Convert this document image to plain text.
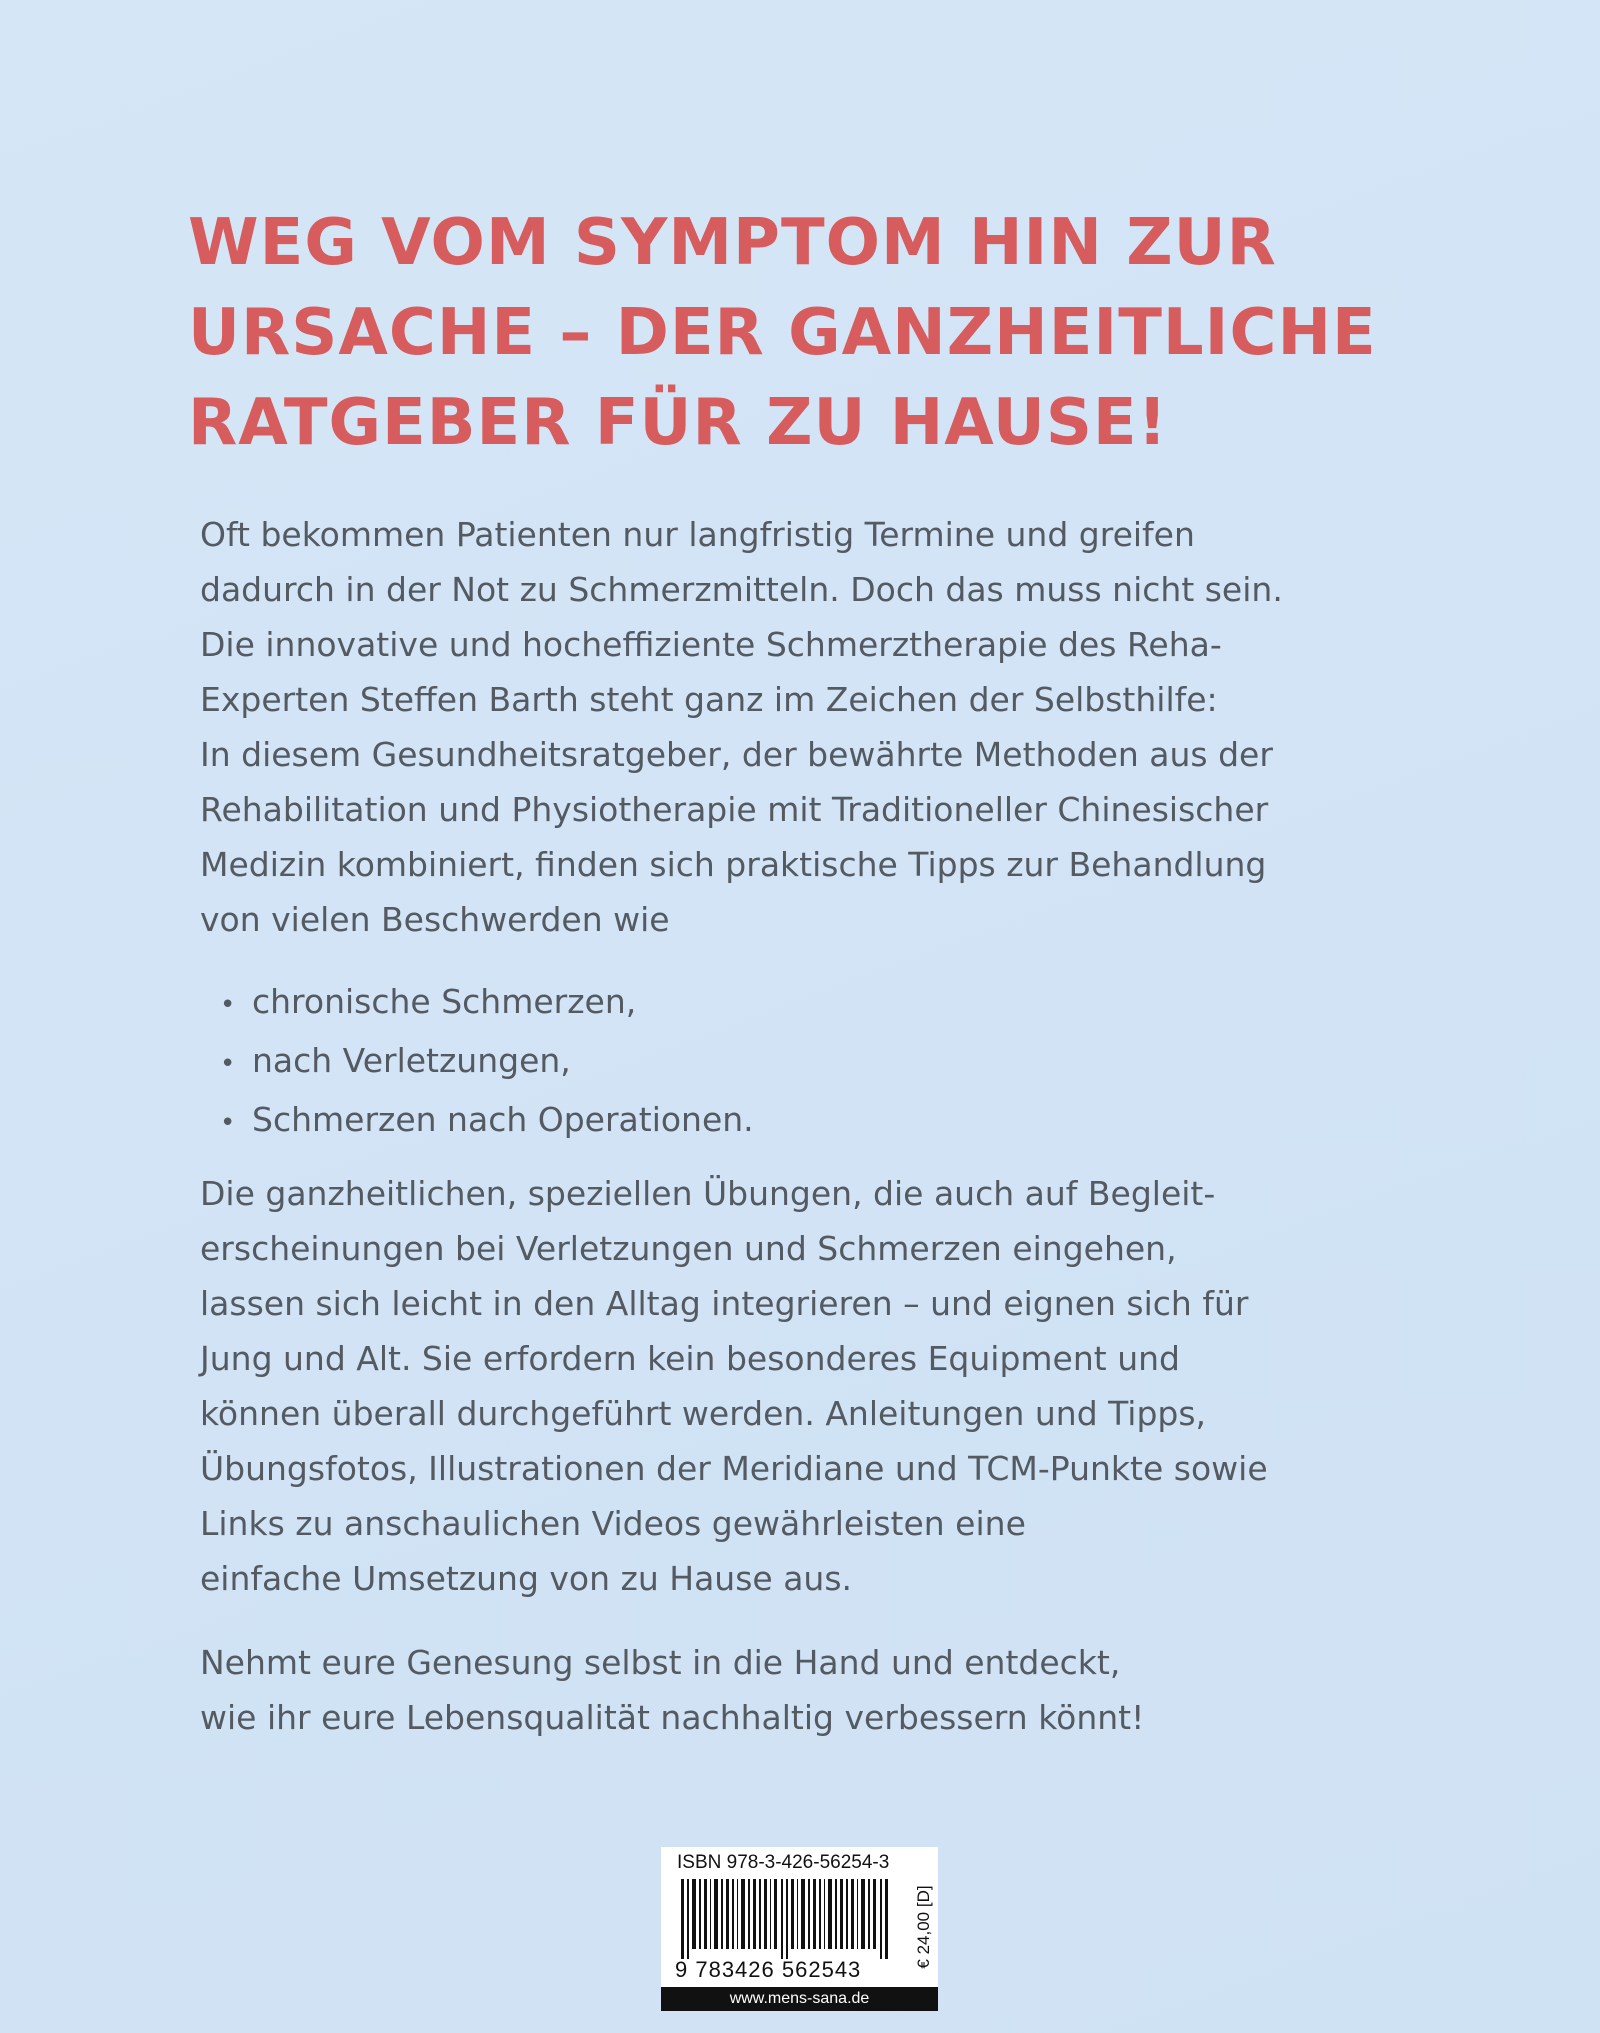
WEG VOM SYMPTOM HIN ZUR
URSACHE – DER GANZHEITLICHE
RATGEBER FÜR ZU HAUSE!
Oft bekommen Patienten nur langfristig Termine und greifen
dadurch in der Not zu Schmerzmitteln. Doch das muss nicht sein.
Die innovative und hocheffiziente Schmerztherapie des Reha-
Experten Steffen Barth steht ganz im Zeichen der Selbsthilfe:
In diesem Gesundheitsratgeber, der bewährte Methoden aus der
Rehabilitation und Physiotherapie mit Traditioneller Chinesischer
Medizin kombiniert, finden sich praktische Tipps zur Behandlung
von vielen Beschwerden wie
• chronische Schmerzen,
• nach Verletzungen,
• Schmerzen nach Operationen.
Die ganzheitlichen, speziellen Übungen, die auch auf Begleit-
erscheinungen bei Verletzungen und Schmerzen eingehen,
lassen sich leicht in den Alltag integrieren – und eignen sich für
Jung und Alt. Sie erfordern kein besonderes Equipment und
können überall durchgeführt werden. Anleitungen und Tipps,
Übungsfotos, Illustrationen der Meridiane und TCM-Punkte sowie
Links zu anschaulichen Videos gewährleisten eine
einfache Umsetzung von zu Hause aus.
Nehmt eure Genesung selbst in die Hand und entdeckt,
wie ihr eure Lebensqualität nachhaltig verbessern könnt!
ISBN 978-3-426-56254-3
9 783426 562543
€ 24,00 [D]
www.mens-sana.de
